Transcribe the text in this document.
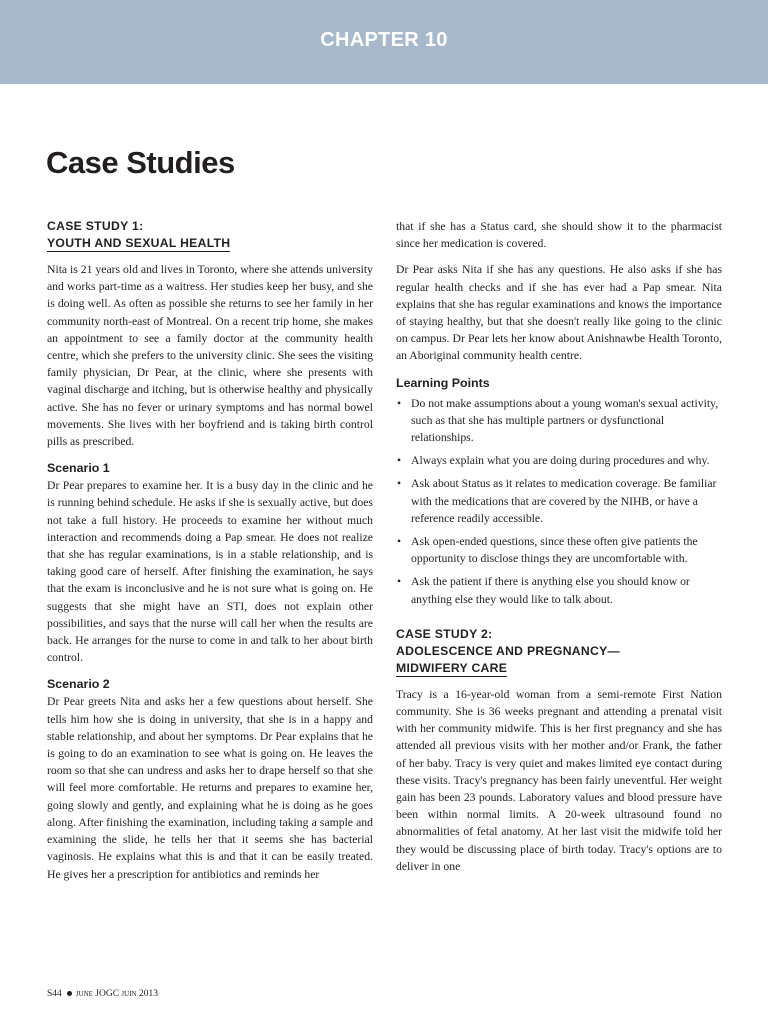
CHAPTER 10
Case Studies
CASE STUDY 1:
YOUTH AND SEXUAL HEALTH

Nita is 21 years old and lives in Toronto, where she attends university and works part-time as a waitress. Her studies keep her busy, and she is doing well. As often as possible she returns to see her family in her community north-east of Montreal. On a recent trip home, she makes an appointment to see a family doctor at the community health centre, which she prefers to the university clinic. She sees the visiting family physician, Dr Pear, at the clinic, where she presents with vaginal discharge and itching, but is otherwise healthy and physically active. She has no fever or urinary symptoms and has normal bowel movements. She lives with her boyfriend and is taking birth control pills as prescribed.

Scenario 1

Dr Pear prepares to examine her. It is a busy day in the clinic and he is running behind schedule. He asks if she is sexually active, but does not take a full history. He proceeds to examine her without much interaction and recommends doing a Pap smear. He does not realize that she has regular examinations, is in a stable relationship, and is taking good care of herself. After finishing the examination, he says that the exam is inconclusive and he is not sure what is going on. He suggests that she might have an STI, does not explain other possibilities, and says that the nurse will call her when the results are back. He arranges for the nurse to come in and talk to her about birth control.

Scenario 2

Dr Pear greets Nita and asks her a few questions about herself. She tells him how she is doing in university, that she is in a happy and stable relationship, and about her symptoms. Dr Pear explains that he is going to do an examination to see what is going on. He leaves the room so that she can undress and asks her to drape herself so that she will feel more comfortable. He returns and prepares to examine her, going slowly and gently, and explaining what he is doing as he goes along. After finishing the examination, including taking a sample and examining the slide, he tells her that it seems she has bacterial vaginosis. He explains what this is and that it can be easily treated. He gives her a prescription for antibiotics and reminds her

that if she has a Status card, she should show it to the pharmacist since her medication is covered.

Dr Pear asks Nita if she has any questions. He also asks if she has regular health checks and if she has ever had a Pap smear. Nita explains that she has regular examinations and knows the importance of staying healthy, but that she doesn't really like going to the clinic on campus. Dr Pear lets her know about Anishnawbe Health Toronto, an Aboriginal community health centre.

Learning Points
• Do not make assumptions about a young woman's sexual activity, such as that she has multiple partners or dysfunctional relationships.
• Always explain what you are doing during procedures and why.
• Ask about Status as it relates to medication coverage. Be familiar with the medications that are covered by the NIHB, or have a reference readily accessible.
• Ask open-ended questions, since these often give patients the opportunity to disclose things they are uncomfortable with.
• Ask the patient if there is anything else you should know or anything else they would like to talk about.
CASE STUDY 2:
ADOLESCENCE AND PREGNANCY—
MIDWIFERY CARE

Tracy is a 16-year-old woman from a semi-remote First Nation community. She is 36 weeks pregnant and attending a prenatal visit with her community midwife. This is her first pregnancy and she has attended all previous visits with her mother and/or Frank, the father of her baby. Tracy is very quiet and makes limited eye contact during these visits. Tracy's pregnancy has been fairly uneventful. Her weight gain has been 23 pounds. Laboratory values and blood pressure have been within normal limits. A 20-week ultrasound found no abnormalities of fetal anatomy. At her last visit the midwife told her they would be discussing place of birth today. Tracy's options are to deliver in one

S44 june JOGC juin 2013
